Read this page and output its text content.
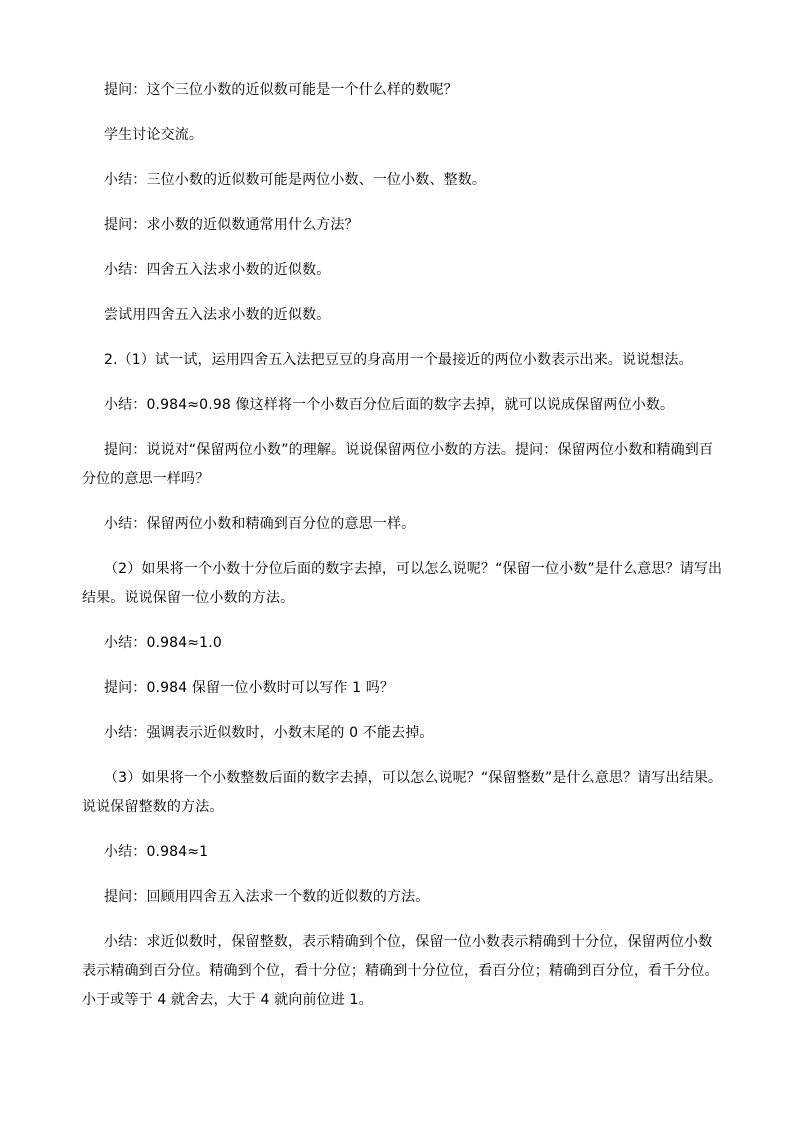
提问：这个三位小数的近似数可能是一个什么样的数呢？

学生讨论交流。

小结：三位小数的近似数可能是两位小数、一位小数、整数。

提问：求小数的近似数通常用什么方法？

小结：四舍五入法求小数的近似数。

尝试用四舍五入法求小数的近似数。

2.（1）试一试，运用四舍五入法把豆豆的身高用一个最接近的两位小数表示出来。说说想法。

小结：0.984≈0.98 像这样将一个小数百分位后面的数字去掉，就可以说成保留两位小数。

提问：说说对“保留两位小数”的理解。说说保留两位小数的方法。提问：保留两位小数和精确到百分位的意思一样吗？

小结：保留两位小数和精确到百分位的意思一样。

（2）如果将一个小数十分位后面的数字去掉，可以怎么说呢？“保留一位小数”是什么意思？请写出结果。说说保留一位小数的方法。

小结：0.984≈1.0

提问：0.984 保留一位小数时可以写作 1 吗？

小结：强调表示近似数时，小数末尾的 0 不能去掉。

（3）如果将一个小数整数后面的数字去掉，可以怎么说呢？“保留整数”是什么意思？请写出结果。说说保留整数的方法。

小结：0.984≈1

提问：回顾用四舍五入法求一个数的近似数的方法。

小结：求近似数时，保留整数，表示精确到个位，保留一位小数表示精确到十分位，保留两位小数表示精确到百分位。精确到个位，看十分位；精确到十分位位，看百分位；精确到百分位，看千分位。小于或等于 4 就舍去，大于 4 就向前位进 1。
